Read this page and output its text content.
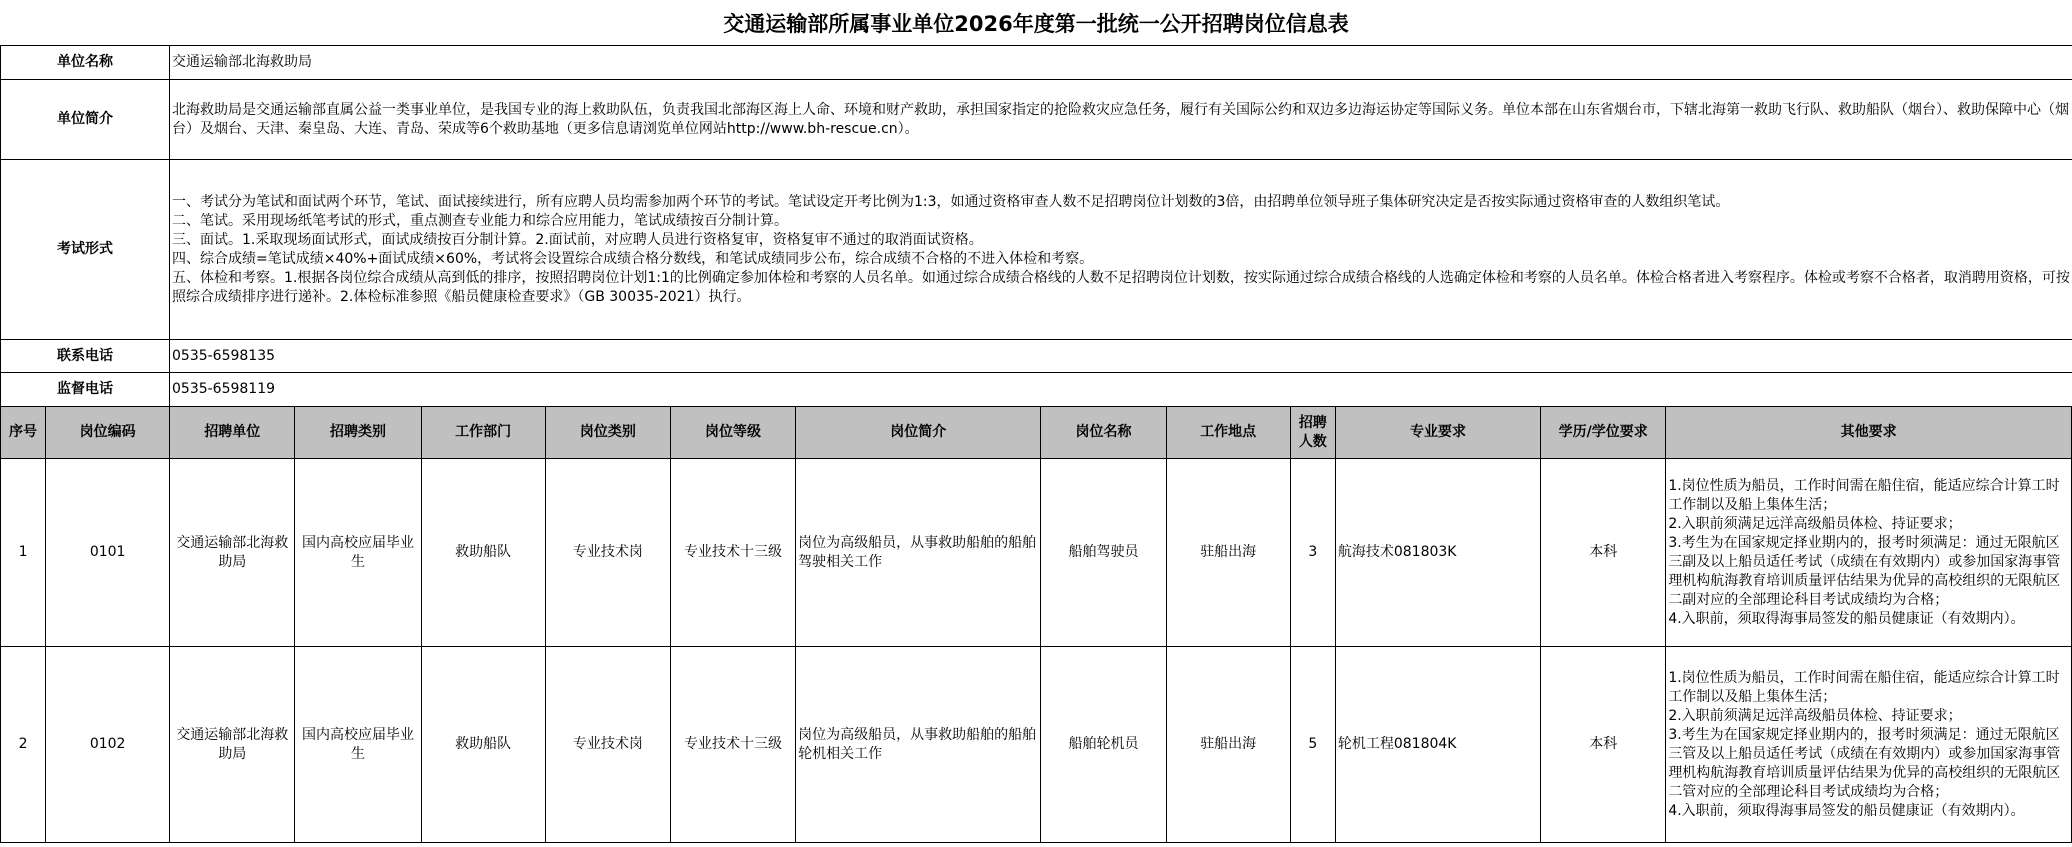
交通运输部所属事业单位2026年度第一批统一公开招聘岗位信息表
单位名称	交通运输部北海救助局
单位简介	北海救助局是交通运输部直属公益一类事业单位，是我国专业的海上救助队伍，负责我国北部海区海上人命、环境和财产救助，承担国家指定的抢险救灾应急任务，履行有关国际公约和双边多边海运协定等国际义务。单位本部在山东省烟台市，下辖北海第一救助飞行队、救助船队（烟台）、救助保障中心（烟台）及烟台、天津、秦皇岛、大连、青岛、荣成等6个救助基地（更多信息请浏览单位网站http://www.bh-rescue.cn）。
考试形式	一、考试分为笔试和面试两个环节，笔试、面试接续进行，所有应聘人员均需参加两个环节的考试。笔试设定开考比例为1:3，如通过资格审查人数不足招聘岗位计划数的3倍，由招聘单位领导班子集体研究决定是否按实际通过资格审查的人数组织笔试。
二、笔试。采用现场纸笔考试的形式，重点测查专业能力和综合应用能力，笔试成绩按百分制计算。
三、面试。1.采取现场面试形式，面试成绩按百分制计算。2.面试前，对应聘人员进行资格复审，资格复审不通过的取消面试资格。
四、综合成绩=笔试成绩×40%+面试成绩×60%，考试将会设置综合成绩合格分数线，和笔试成绩同步公布，综合成绩不合格的不进入体检和考察。
五、体检和考察。1.根据各岗位综合成绩从高到低的排序，按照招聘岗位计划1:1的比例确定参加体检和考察的人员名单。如通过综合成绩合格线的人数不足招聘岗位计划数，按实际通过综合成绩合格线的人选确定体检和考察的人员名单。体检合格者进入考察程序。体检或考察不合格者，取消聘用资格，可按照综合成绩排序进行递补。2.体检标准参照《船员健康检查要求》（GB 30035-2021）执行。

联系电话	0535-6598135
监督电话	0535-6598119
序号	岗位编码	招聘单位	招聘类别	工作部门	岗位类别	岗位等级	岗位简介	岗位名称	工作地点	招聘人数	专业要求	学历/学位要求	其他要求
1	0101	交通运输部北海救助局	国内高校应届毕业生	救助船队	专业技术岗	专业技术十三级	岗位为高级船员，从事救助船舶的船舶驾驶相关工作	船舶驾驶员	驻船出海	3	航海技术081803K	本科	1.岗位性质为船员，工作时间需在船住宿，能适应综合计算工时工作制以及船上集体生活；
2.入职前须满足远洋高级船员体检、持证要求；
3.考生为在国家规定择业期内的，报考时须满足：通过无限航区三副及以上船员适任考试（成绩在有效期内）或参加国家海事管理机构航海教育培训质量评估结果为优异的高校组织的无限航区二副对应的全部理论科目考试成绩均为合格；
4.入职前，须取得海事局签发的船员健康证（有效期内）。

2	0102	交通运输部北海救助局	国内高校应届毕业生	救助船队	专业技术岗	专业技术十三级	岗位为高级船员，从事救助船舶的船舶轮机相关工作	船舶轮机员	驻船出海	5	轮机工程081804K	本科	1.岗位性质为船员，工作时间需在船住宿，能适应综合计算工时工作制以及船上集体生活；
2.入职前须满足远洋高级船员体检、持证要求；
3.考生为在国家规定择业期内的，报考时须满足：通过无限航区三管及以上船员适任考试（成绩在有效期内）或参加国家海事管理机构航海教育培训质量评估结果为优异的高校组织的无限航区二管对应的全部理论科目考试成绩均为合格；
4.入职前，须取得海事局签发的船员健康证（有效期内）。
